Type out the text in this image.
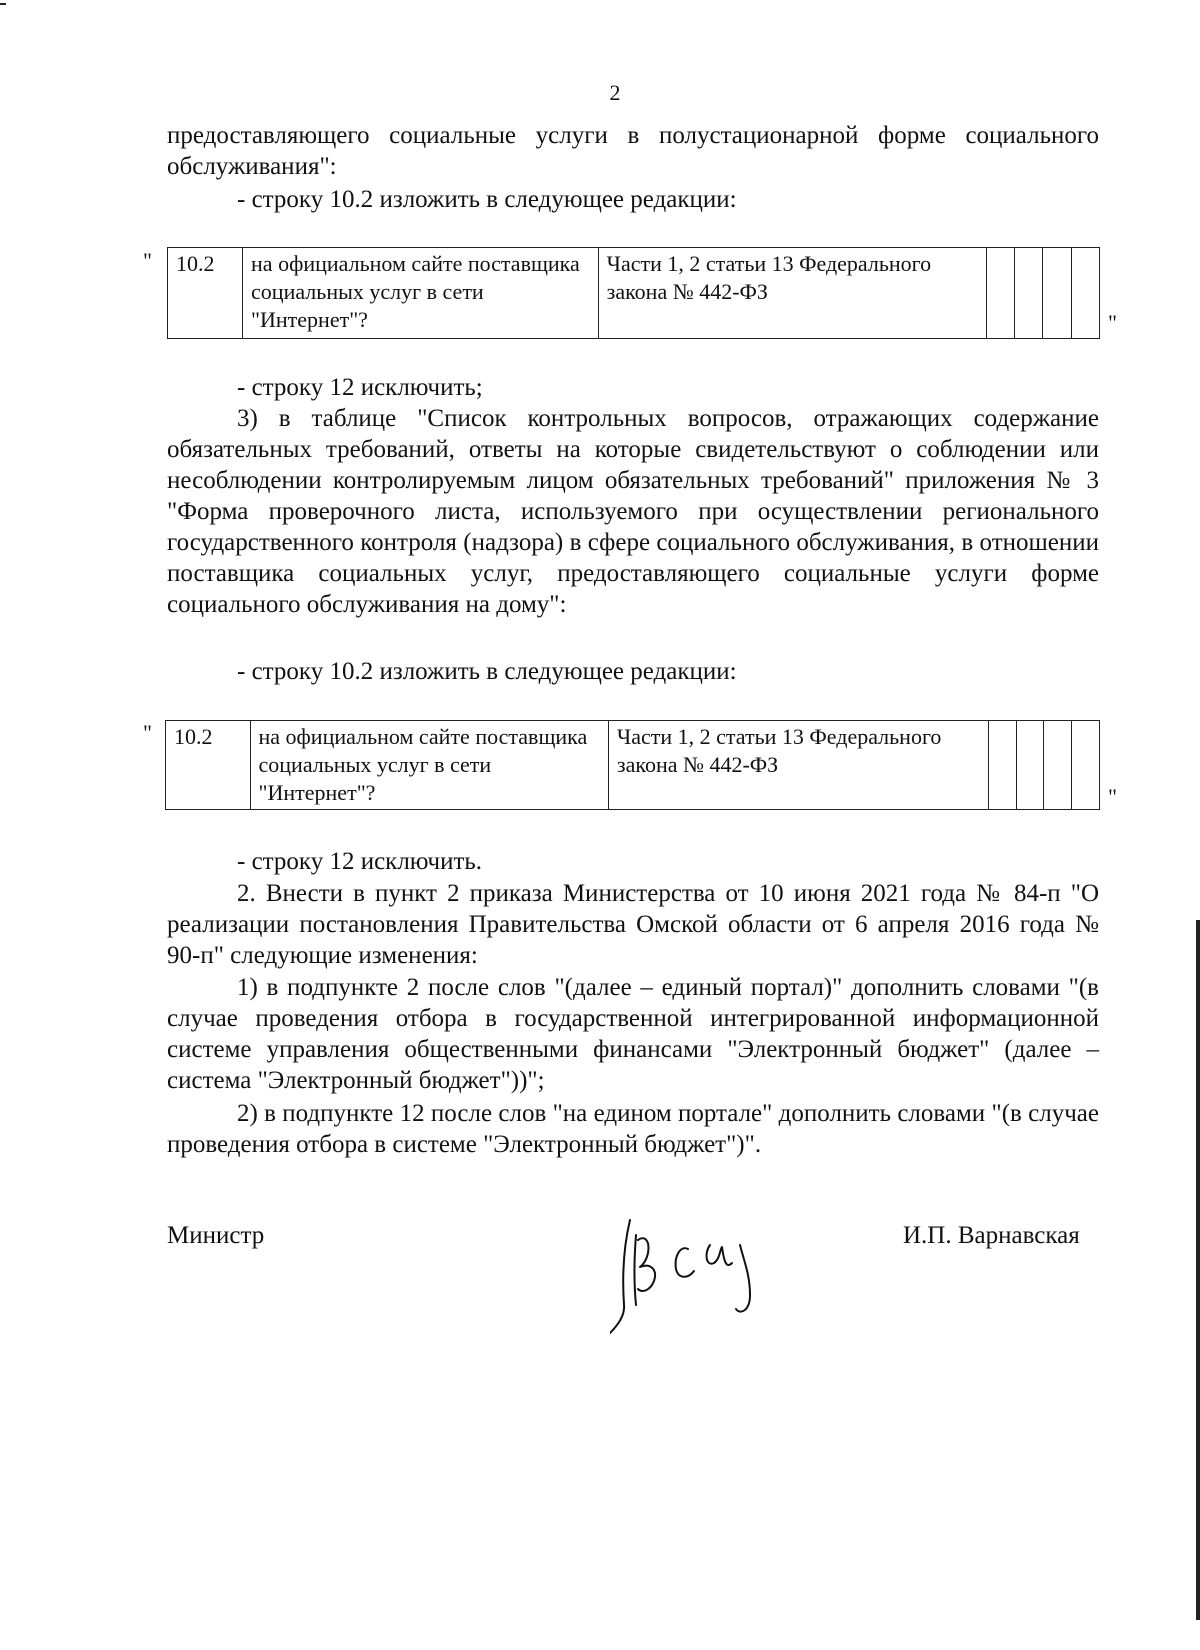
2

предоставляющего социальные услуги в полустационарной форме социального обслуживания":

- строку 10.2 изложить в следующее редакции:

" 10.2	на официальном сайте поставщика социальных услуг в сети "Интернет"?	Части 1, 2 статьи 13 Федерального закона № 442-ФЗ				
"

- строку 12 исключить;

3) в таблице "Список контрольных вопросов, отражающих содержание обязательных требований, ответы на которые свидетельствуют о соблюдении или несоблюдении контролируемым лицом обязательных требований" приложения № 3 "Форма проверочного листа, используемого при осуществлении регионального государственного контроля (надзора) в сфере социального обслуживания, в отношении поставщика социальных услуг, предоставляющего социальные услуги форме социального обслуживания на дому":

- строку 10.2 изложить в следующее редакции:

" 10.2	на официальном сайте поставщика социальных услуг в сети "Интернет"?	Части 1, 2 статьи 13 Федерального закона № 442-ФЗ				
"

- строку 12 исключить.

2. Внести в пункт 2 приказа Министерства от 10 июня 2021 года № 84-п "О реализации постановления Правительства Омской области от 6 апреля 2016 года № 90-п" следующие изменения:

1) в подпункте 2 после слов "(далее – единый портал)" дополнить словами "(в случае проведения отбора в государственной интегрированной информационной системе управления общественными финансами "Электронный бюджет" (далее – система "Электронный бюджет"))";

2) в подпункте 12 после слов "на едином портале" дополнить словами "(в случае проведения отбора в системе "Электронный бюджет")".

Министр	И.П. Варнавская
